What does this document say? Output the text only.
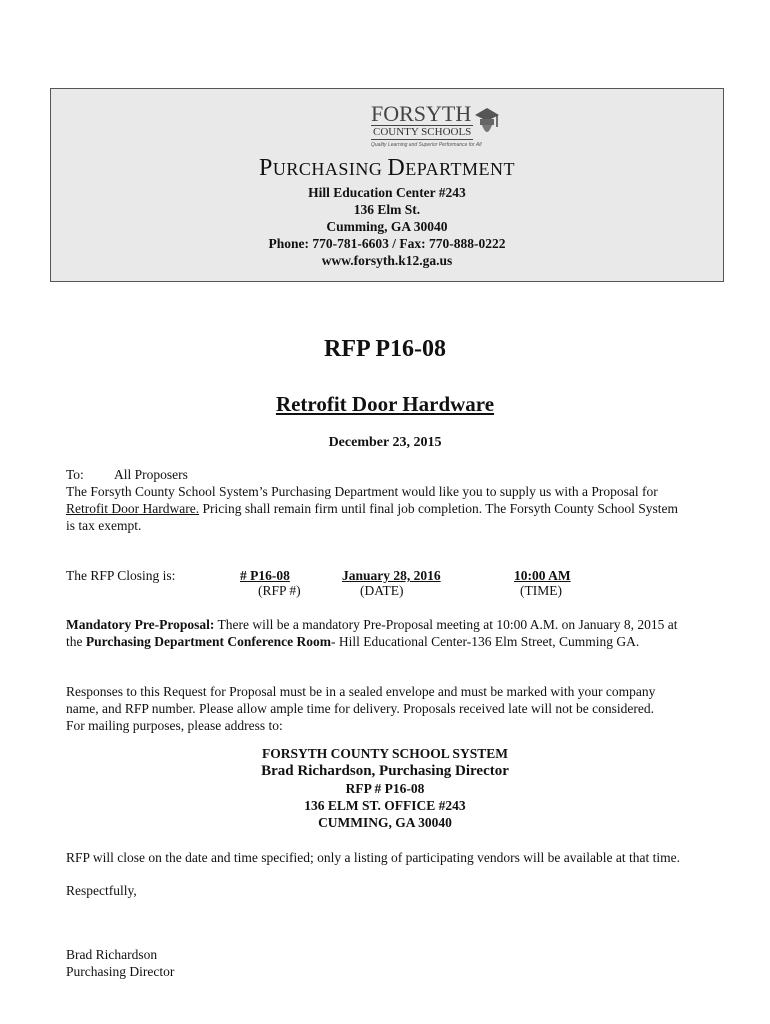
FORSYTH
COUNTY SCHOOLS
Quality Learning and Superior Performance for All
PURCHASING DEPARTMENT
Hill Education Center #243
136 Elm St.
Cumming, GA 30040
Phone: 770-781-6603 / Fax: 770-888-0222
www.forsyth.k12.ga.us
RFP P16-08
Retrofit Door Hardware
December 23, 2015
To: All Proposers
The Forsyth County School System’s Purchasing Department would like you to supply us with a Proposal for
Retrofit Door Hardware. Pricing shall remain firm until final job completion. The Forsyth County School System
is tax exempt.
The RFP Closing is:	# P16-08	January 28, 2016	10:00 AM
(RFP #)	(DATE)	(TIME)
Mandatory Pre-Proposal: There will be a mandatory Pre-Proposal meeting at 10:00 A.M. on January 8, 2015 at
the Purchasing Department Conference Room- Hill Educational Center-136 Elm Street, Cumming GA.
Responses to this Request for Proposal must be in a sealed envelope and must be marked with your company
name, and RFP number. Please allow ample time for delivery. Proposals received late will not be considered.
For mailing purposes, please address to:
FORSYTH COUNTY SCHOOL SYSTEM
Brad Richardson, Purchasing Director
RFP # P16-08
136 ELM ST. OFFICE #243
CUMMING, GA 30040
RFP will close on the date and time specified; only a listing of participating vendors will be available at that time.
Respectfully,
Brad Richardson
Purchasing Director
